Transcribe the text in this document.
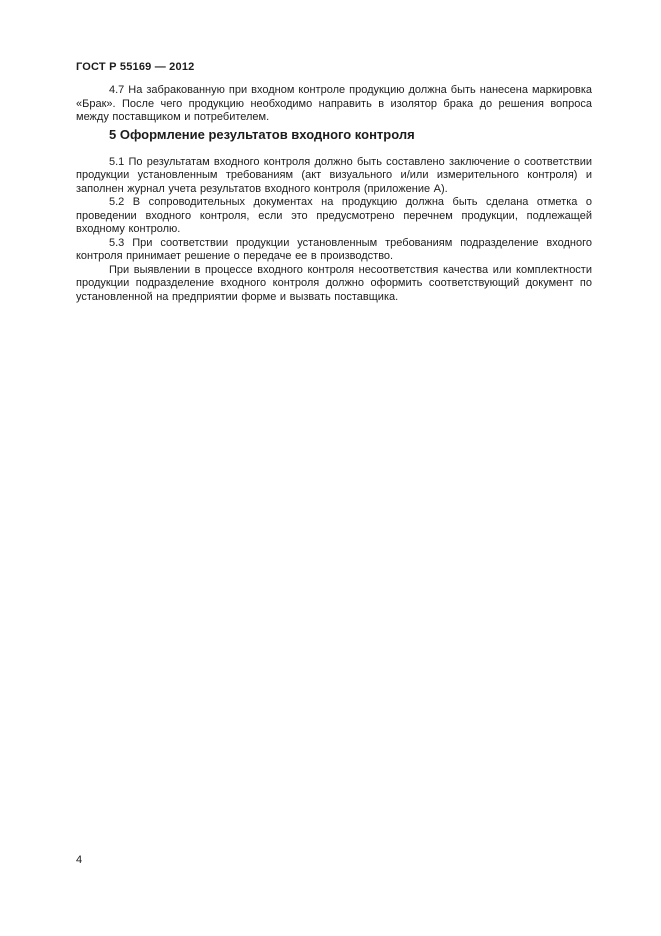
ГОСТ Р 55169 — 2012

4.7 На забракованную при входном контроле продукцию должна быть нанесена маркировка «Брак». После чего продукцию необходимо направить в изолятор брака до решения вопроса между поставщиком и потребителем.

5 Оформление результатов входного контроля

5.1 По результатам входного контроля должно быть составлено заключение о соответствии продукции установленным требованиям (акт визуального и/или измерительного контроля) и заполнен журнал учета результатов входного контроля (приложение А).

5.2 В сопроводительных документах на продукцию должна быть сделана отметка о проведении входного контроля, если это предусмотрено перечнем продукции, подлежащей входному контролю.

5.3 При соответствии продукции установленным требованиям подразделение входного контроля принимает решение о передаче ее в производство.

При выявлении в процессе входного контроля несоответствия качества или комплектности продукции подразделение входного контроля должно оформить соответствующий документ по установленной на предприятии форме и вызвать поставщика.

4
